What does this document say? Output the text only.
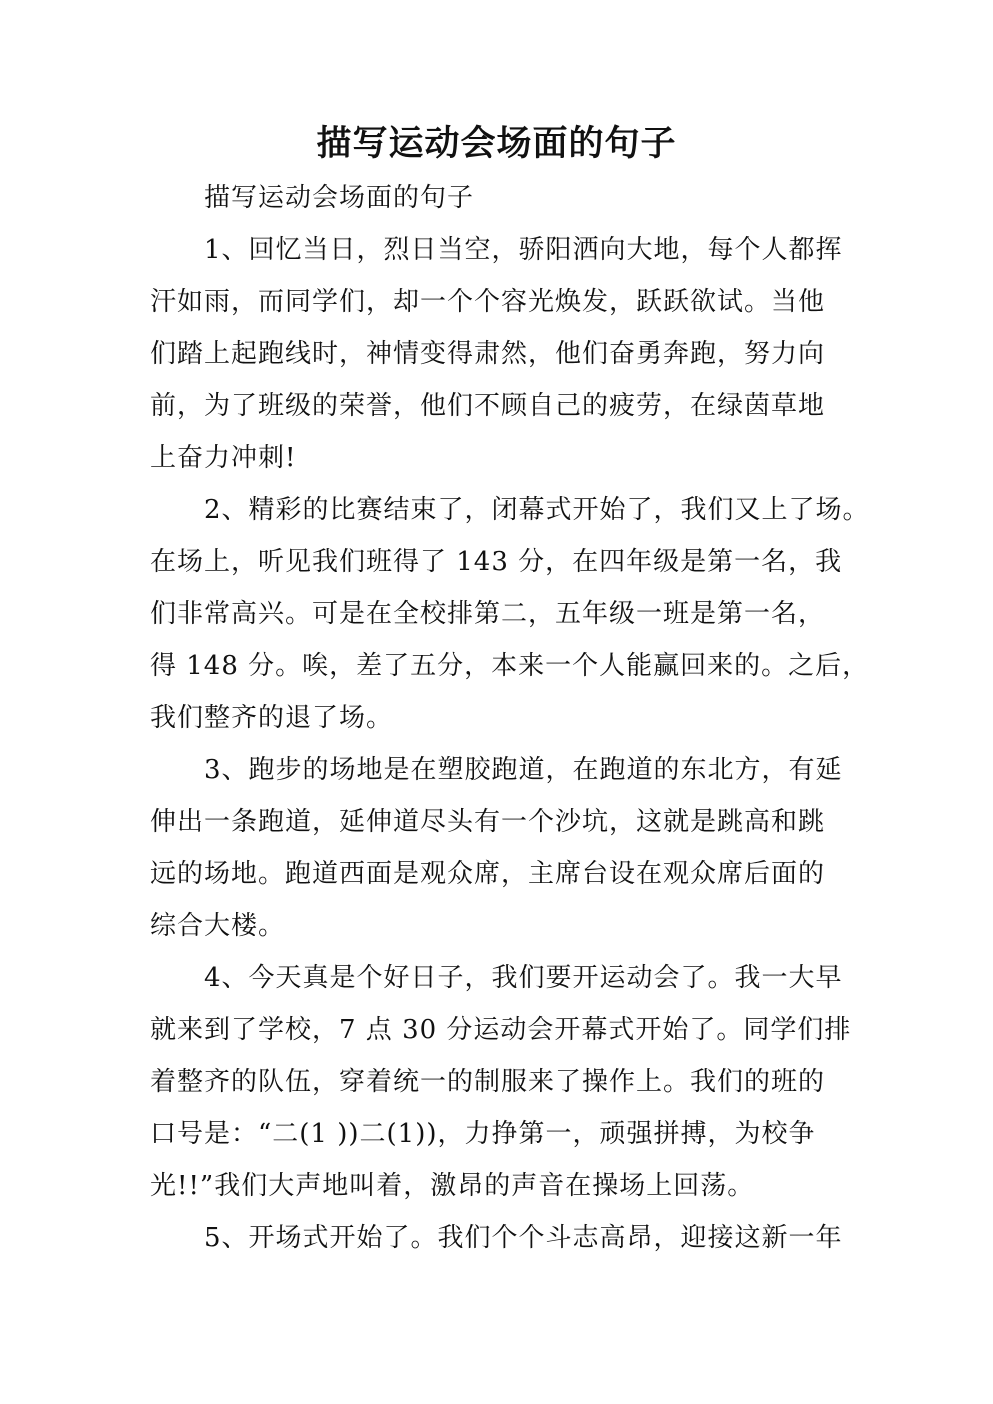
描写运动会场面的句子

描写运动会场面的句子

1、回忆当日，烈日当空，骄阳洒向大地，每个人都挥
汗如雨，而同学们，却一个个容光焕发，跃跃欲试。当他
们踏上起跑线时，神情变得肃然，他们奋勇奔跑，努力向
前，为了班级的荣誉，他们不顾自己的疲劳，在绿茵草地
上奋力冲刺!

2、精彩的比赛结束了，闭幕式开始了，我们又上了场。
在场上，听见我们班得了 143 分，在四年级是第一名，我
们非常高兴。可是在全校排第二，五年级一班是第一名，
得 148 分。唉，差了五分，本来一个人能赢回来的。之后，
我们整齐的退了场。

3、跑步的场地是在塑胶跑道，在跑道的东北方，有延
伸出一条跑道，延伸道尽头有一个沙坑，这就是跳高和跳
远的场地。跑道西面是观众席，主席台设在观众席后面的
综合大楼。

4、今天真是个好日子，我们要开运动会了。我一大早
就来到了学校，7 点 30 分运动会开幕式开始了。同学们排
着整齐的队伍，穿着统一的制服来了操作上。我们的班的
口号是：“二(1 ))二(1))，力挣第一，顽强拼搏，为校争
光!!”我们大声地叫着，激昂的声音在操场上回荡。

5、开场式开始了。我们个个斗志高昂，迎接这新一年
